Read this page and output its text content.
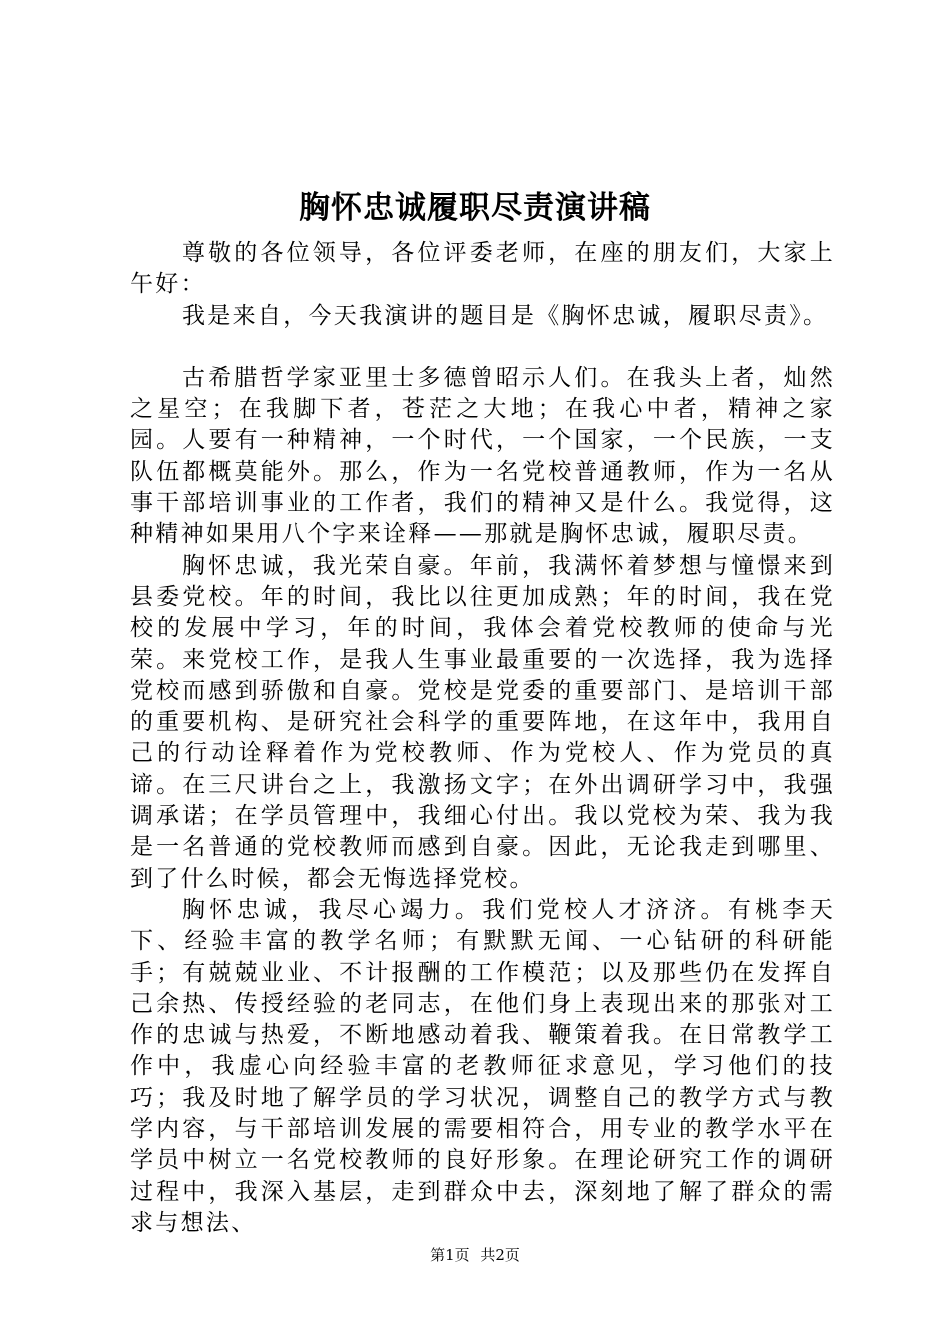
胸怀忠诚履职尽责演讲稿

尊敬的各位领导，各位评委老师，在座的朋友们，大家上午好：

我是来自，今天我演讲的题目是《胸怀忠诚，履职尽责》。

古希腊哲学家亚里士多德曾昭示人们。在我头上者，灿然之星空；在我脚下者，苍茫之大地；在我心中者，精神之家园。人要有一种精神，一个时代，一个国家，一个民族，一支队伍都概莫能外。那么，作为一名党校普通教师，作为一名从事干部培训事业的工作者，我们的精神又是什么。我觉得，这种精神如果用八个字来诠释——那就是胸怀忠诚，履职尽责。

胸怀忠诚，我光荣自豪。年前，我满怀着梦想与憧憬来到县委党校。年的时间，我比以往更加成熟；年的时间，我在党校的发展中学习，年的时间，我体会着党校教师的使命与光荣。来党校工作，是我人生事业最重要的一次选择，我为选择党校而感到骄傲和自豪。党校是党委的重要部门、是培训干部的重要机构、是研究社会科学的重要阵地，在这年中，我用自己的行动诠释着作为党校教师、作为党校人、作为党员的真谛。在三尺讲台之上，我激扬文字；在外出调研学习中，我强调承诺；在学员管理中，我细心付出。我以党校为荣、我为我是一名普通的党校教师而感到自豪。因此，无论我走到哪里、到了什么时候，都会无悔选择党校。

胸怀忠诚，我尽心竭力。我们党校人才济济。有桃李天下、经验丰富的教学名师；有默默无闻、一心钻研的科研能手；有兢兢业业、不计报酬的工作模范；以及那些仍在发挥自己余热、传授经验的老同志，在他们身上表现出来的那张对工作的忠诚与热爱，不断地感动着我、鞭策着我。在日常教学工作中，我虚心向经验丰富的老教师征求意见，学习他们的技巧；我及时地了解学员的学习状况，调整自己的教学方式与教学内容，与干部培训发展的需要相符合，用专业的教学水平在学员中树立一名党校教师的良好形象。在理论研究工作的调研过程中，我深入基层，走到群众中去，深刻地了解了群众的需求与想法、

第1页 共2页
